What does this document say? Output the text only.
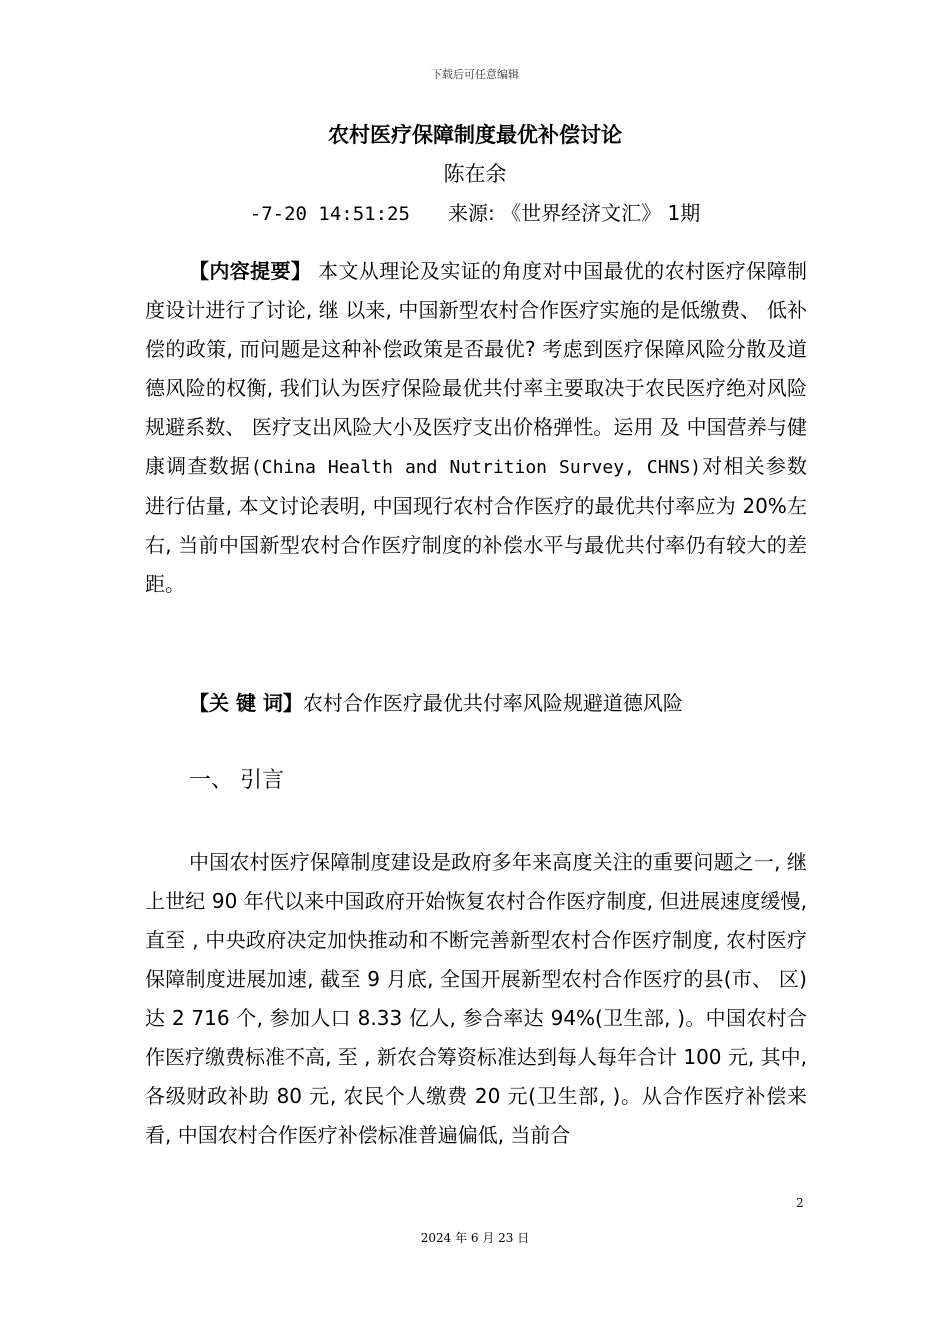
下载后可任意编辑
农村医疗保障制度最优补偿讨论
陈在余
-7-20 14:51:25 来源: 《世界经济文汇》 1期
【内容提要】 本文从理论及实证的角度对中国最优的农村医疗保障制度设计进行了讨论, 继 以来, 中国新型农村合作医疗实施的是低缴费、 低补偿的政策, 而问题是这种补偿政策是否最优? 考虑到医疗保障风险分散及道德风险的权衡, 我们认为医疗保险最优共付率主要取决于农民医疗绝对风险规避系数、 医疗支出风险大小及医疗支出价格弹性。运用 及 中国营养与健康调查数据(China Health and Nutrition Survey, CHNS)对相关参数进行估量, 本文讨论表明, 中国现行农村合作医疗的最优共付率应为 20%左右, 当前中国新型农村合作医疗制度的补偿水平与最优共付率仍有较大的差距。
【关 键 词】农村合作医疗最优共付率风险规避道德风险
一、 引言
中国农村医疗保障制度建设是政府多年来高度关注的重要问题之一, 继上世纪 90 年代以来中国政府开始恢复农村合作医疗制度, 但进展速度缓慢, 直至 , 中央政府决定加快推动和不断完善新型农村合作医疗制度, 农村医疗保障制度进展加速, 截至 9 月底, 全国开展新型农村合作医疗的县(市、 区)达 2 716 个, 参加人口 8.33 亿人, 参合率达 94%(卫生部, )。中国农村合作医疗缴费标准不高, 至 , 新农合筹资标准达到每人每年合计 100 元, 其中, 各级财政补助 80 元, 农民个人缴费 20 元(卫生部, )。从合作医疗补偿来看, 中国农村合作医疗补偿标准普遍偏低, 当前合
2
2024 年 6 月 23 日
